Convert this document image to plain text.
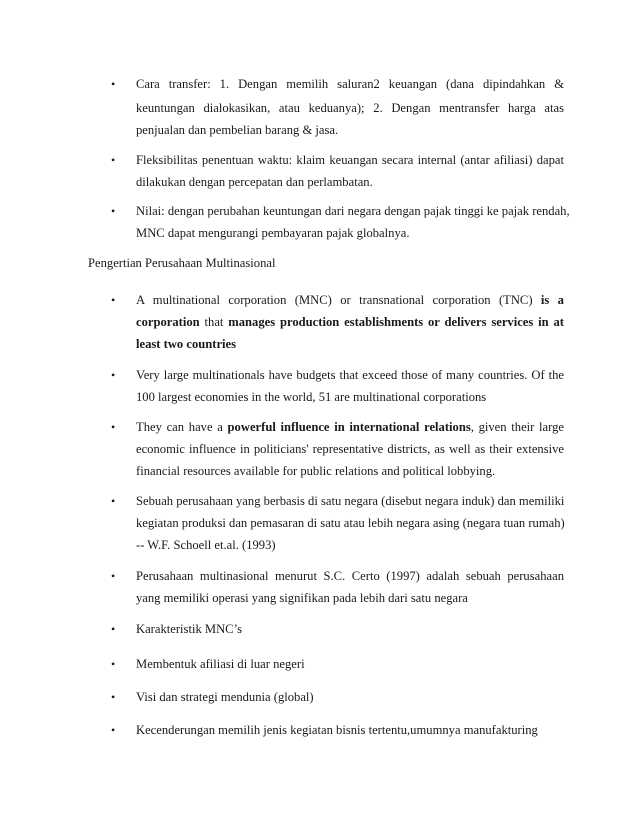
• Cara transfer: 1. Dengan memilih saluran2 keuangan (dana dipindahkan &
keuntungan dialokasikan, atau keduanya); 2. Dengan mentransfer harga atas
penjualan dan pembelian barang & jasa.
• Fleksibilitas penentuan waktu: klaim keuangan secara internal (antar afiliasi) dapat
dilakukan dengan percepatan dan perlambatan.
• Nilai: dengan perubahan keuntungan dari negara dengan pajak tinggi ke pajak rendah,
MNC dapat mengurangi pembayaran pajak globalnya.
Pengertian Perusahaan Multinasional
• A multinational corporation (MNC) or transnational corporation (TNC) is a
corporation that manages production establishments or delivers services in at
least two countries
• Very large multinationals have budgets that exceed those of many countries. Of the
100 largest economies in the world, 51 are multinational corporations
• They can have a powerful influence in international relations, given their large
economic influence in politicians' representative districts, as well as their extensive
financial resources available for public relations and political lobbying.
• Sebuah perusahaan yang berbasis di satu negara (disebut negara induk) dan memiliki
kegiatan produksi dan pemasaran di satu atau lebih negara asing (negara tuan rumah)
-- W.F. Schoell et.al. (1993)
• Perusahaan multinasional menurut S.C. Certo (1997) adalah sebuah perusahaan
yang memiliki operasi yang signifikan pada lebih dari satu negara
• Karakteristik MNC’s
• Membentuk afiliasi di luar negeri
• Visi dan strategi mendunia (global)
• Kecenderungan memilih jenis kegiatan bisnis tertentu,umumnya manufakturing
